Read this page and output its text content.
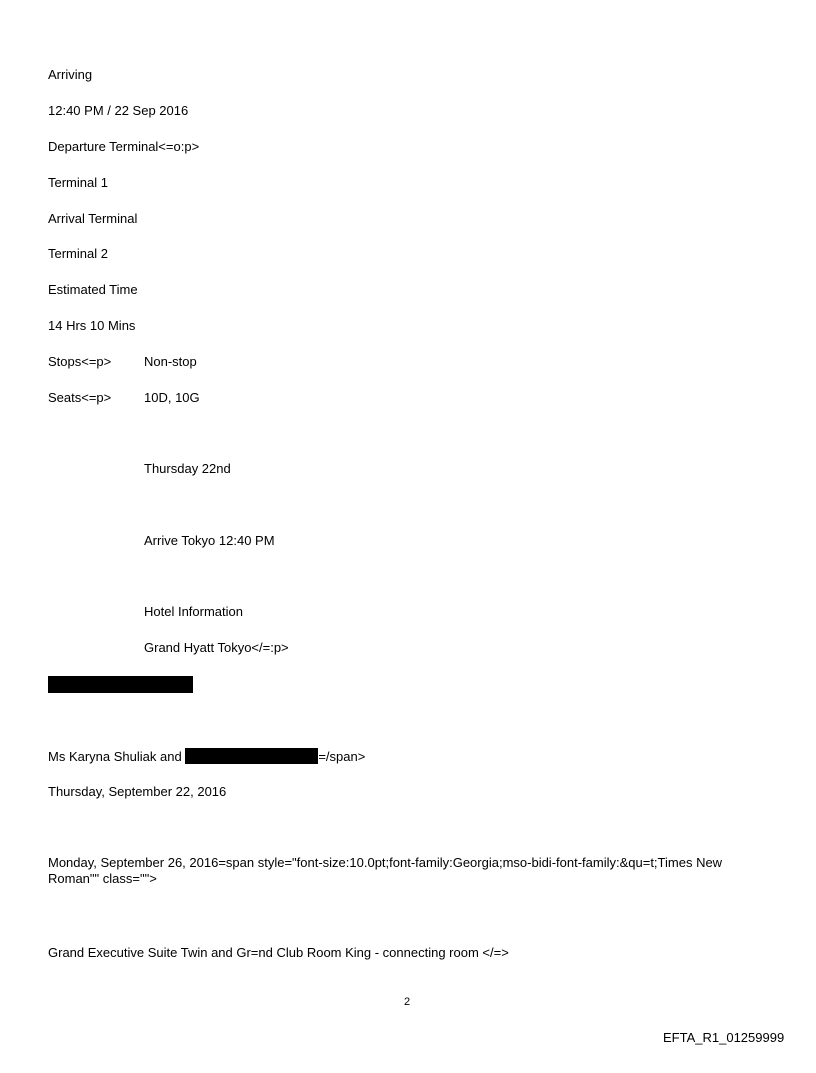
Arriving
12:40 PM / 22 Sep 2016
Departure Terminal<=o:p>
Terminal 1
Arrival Terminal
Terminal 2
Estimated Time
14 Hrs 10 Mins
Stops<=p>	Non-stop
Seats<=p>	10D, 10G
Thursday 22nd
Arrive Tokyo 12:40 PM
Hotel Information
Grand Hyatt Tokyo</=:p>
Ms Karyna Shuliak and	=/span>
Thursday, September 22, 2016
Monday, September 26, 2016=span style="font-size:10.0pt;font-family:Georgia;mso-bidi-font-family:&qu=t;Times New Roman"" class="">
Grand Executive Suite Twin and Gr=nd Club Room King - connecting room </=>
2
EFTA_R1_01259999
